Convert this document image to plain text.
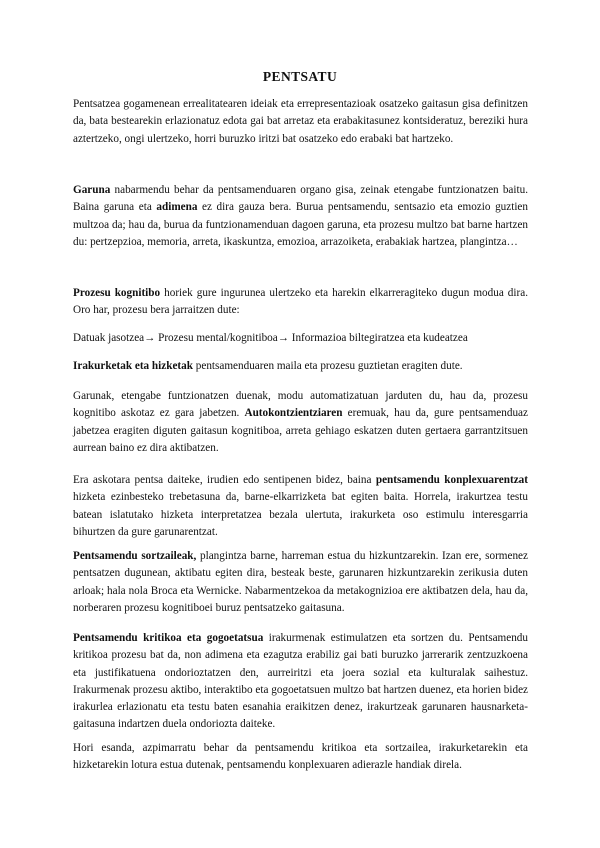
PENTSATU

Pentsatzea gogamenean errealitatearen ideiak eta errepresentazioak osatzeko gaitasun gisa definitzen da, bata bestearekin erlazionatuz edota gai bat arretaz eta erabakitasunez kontsideratuz, bereziki hura aztertzeko, ongi ulertzeko, horri buruzko iritzi bat osatzeko edo erabaki bat hartzeko.

Garuna nabarmendu behar da pentsamenduaren organo gisa, zeinak etengabe funtzionatzen baitu. Baina garuna eta adimena ez dira gauza bera. Burua pentsamendu, sentsazio eta emozio guztien multzoa da; hau da, burua da funtzionamenduan dagoen garuna, eta prozesu multzo bat barne hartzen du: pertzepzioa, memoria, arreta, ikaskuntza, emozioa, arrazoiketa, erabakiak hartzea, plangintza…

Prozesu kognitibo horiek gure ingurunea ulertzeko eta harekin elkarreragiteko dugun modua dira. Oro har, prozesu bera jarraitzen dute:

Datuak jasotzea→ Prozesu mental/kognitiboa→ Informazioa biltegiratzea eta kudeatzea

Irakurketak eta hizketak pentsamenduaren maila eta prozesu guztietan eragiten dute.

Garunak, etengabe funtzionatzen duenak, modu automatizatuan jarduten du, hau da, prozesu kognitibo askotaz ez gara jabetzen. Autokontzientziaren eremuak, hau da, gure pentsamenduaz jabetzea eragiten diguten gaitasun kognitiboa, arreta gehiago eskatzen duten gertaera garrantzitsuen aurrean baino ez dira aktibatzen.

Era askotara pentsa daiteke, irudien edo sentipenen bidez, baina pentsamendu konplexuarentzat hizketa ezinbesteko trebetasuna da, barne-elkarrizketa bat egiten baita. Horrela, irakurtzea testu batean islatutako hizketa interpretatzea bezala ulertuta, irakurketa oso estimulu interesgarria bihurtzen da gure garunarentzat.

Pentsamendu sortzaileak, plangintza barne, harreman estua du hizkuntzarekin. Izan ere, sormenez pentsatzen dugunean, aktibatu egiten dira, besteak beste, garunaren hizkuntzarekin zerikusia duten arloak; hala nola Broca eta Wernicke. Nabarmentzekoa da metakognizioa ere aktibatzen dela, hau da, norberaren prozesu kognitiboei buruz pentsatzeko gaitasuna.

Pentsamendu kritikoa eta gogoetatsua irakurmenak estimulatzen eta sortzen du. Pentsamendu kritikoa prozesu bat da, non adimena eta ezagutza erabiliz gai bati buruzko jarrerarik zentzuzkoena eta justifikatuena ondorioztatzen den, aurreiritzi eta joera sozial eta kulturalak saihestuz. Irakurmenak prozesu aktibo, interaktibo eta gogoetatsuen multzo bat hartzen duenez, eta horien bidez irakurlea erlazionatu eta testu baten esanahia eraikitzen denez, irakurtzeak garunaren hausnarketa-gaitasuna indartzen duela ondorioztа daiteke.

Hori esanda, azpimarratu behar da pentsamendu kritikoa eta sortzailea, irakurketarekin eta hizketarekin lotura estua dutenak, pentsamendu konplexuaren adierazle handiak direla.
